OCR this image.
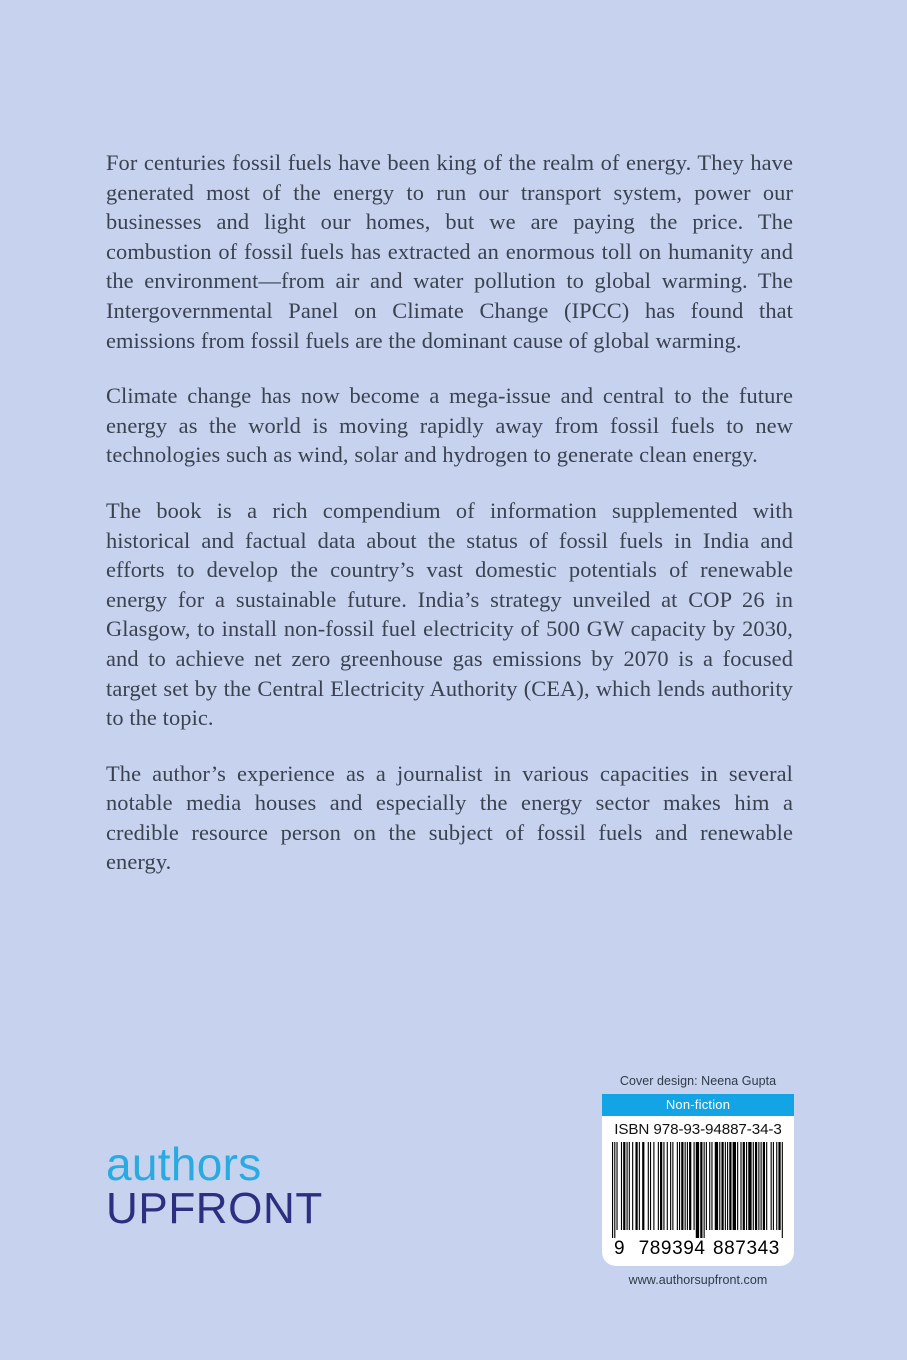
For centuries fossil fuels have been king of the realm of energy. They have generated most of the energy to run our transport system, power our businesses and light our homes, but we are paying the price. The combustion of fossil fuels has extracted an enormous toll on humanity and the environment—from air and water pollution to global warming. The Intergovernmental Panel on Climate Change (IPCC) has found that emissions from fossil fuels are the dominant cause of global warming.

Climate change has now become a mega-issue and central to the future energy as the world is moving rapidly away from fossil fuels to new technologies such as wind, solar and hydrogen to generate clean energy.

The book is a rich compendium of information supplemented with historical and factual data about the status of fossil fuels in India and efforts to develop the country’s vast domestic potentials of renewable energy for a sustainable future. India’s strategy unveiled at COP 26 in Glasgow, to install non-fossil fuel electricity of 500 GW capacity by 2030, and to achieve net zero greenhouse gas emissions by 2070 is a focused target set by the Central Electricity Authority (CEA), which lends authority to the topic.

The author’s experience as a journalist in various capacities in several notable media houses and especially the energy sector makes him a credible resource person on the subject of fossil fuels and renewable energy.

authors
UPFRONT
Cover design: Neena Gupta
Non-fiction
ISBN 978-93-94887-34-3
9 789394 887343
www.authorsupfront.com
